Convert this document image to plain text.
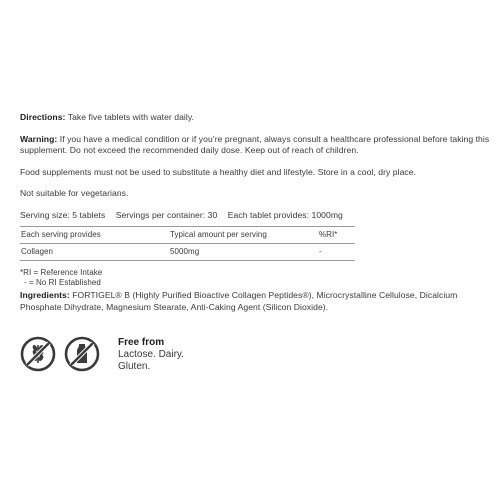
Directions: Take five tablets with water daily.

Warning: If you have a medical condition or if you’re pregnant, always consult a healthcare professional before taking this supplement. Do not exceed the recommended daily dose. Keep out of reach of children.

Food supplements must not be used to substitute a healthy diet and lifestyle. Store in a cool, dry place.

Not suitable for vegetarians.

Serving size: 5 tablets Servings per container: 30 Each tablet provides: 1000mg
Each serving provides	Typical amount per serving	%RI*
Collagen	5000mg	-
*RI = Reference Intake
- = No RI Established

Ingredients: FORTIGEL® B (Highly Purified Bioactive Collagen Peptides®), Microcrystalline Cellulose, Dicalcium Phosphate Dihydrate, Magnesium Stearate, Anti-Caking Agent (Silicon Dioxide).

Free from
Lactose. Dairy.
Gluten.
